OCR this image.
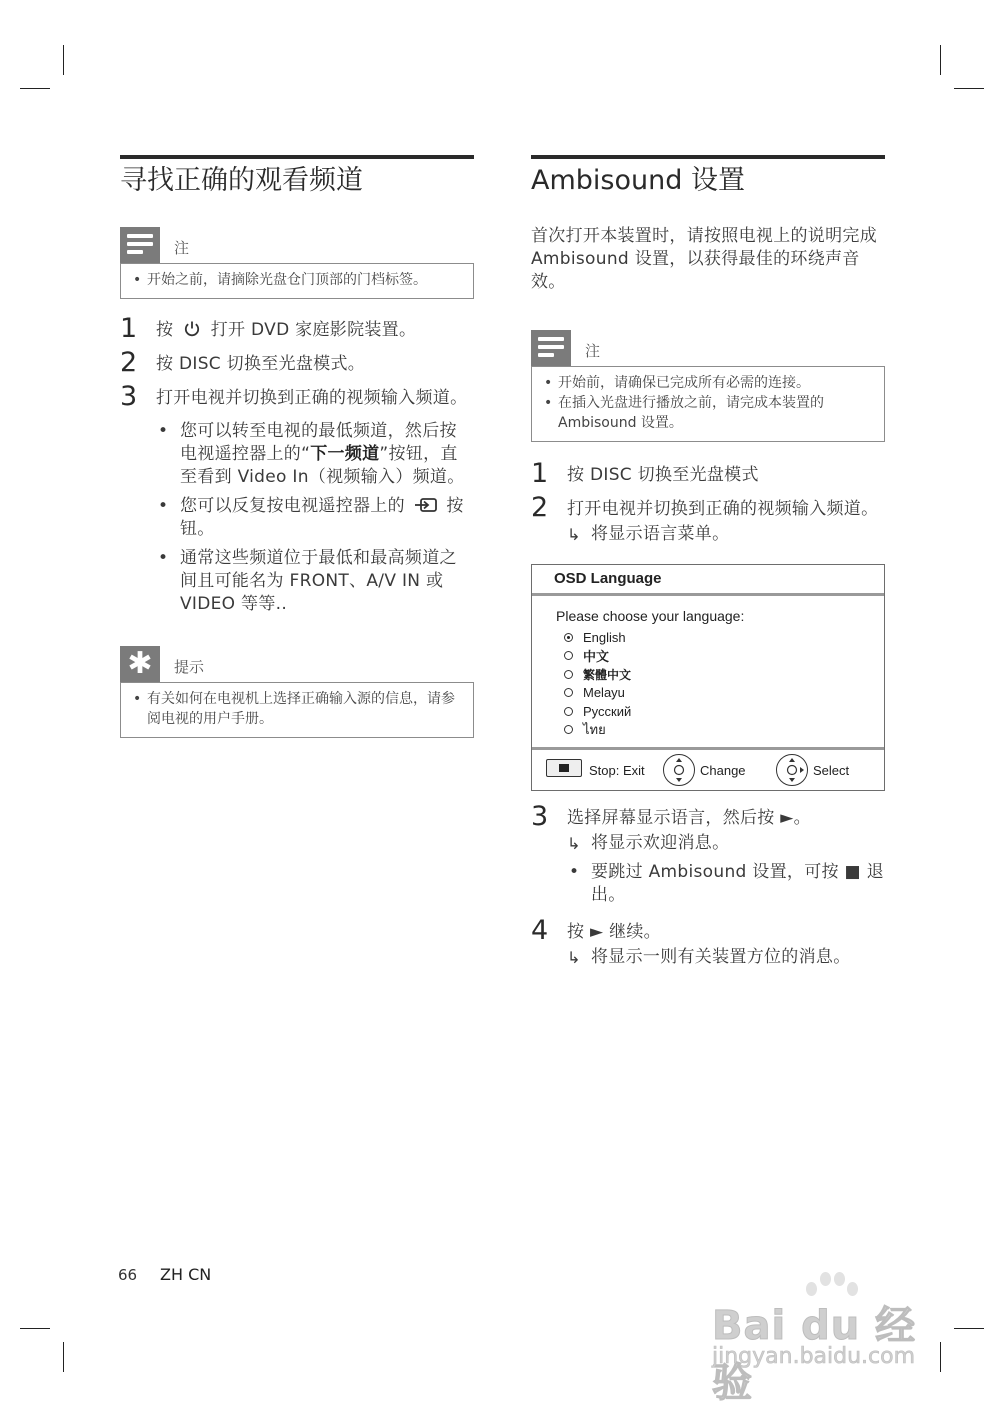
寻找正确的观看频道
注
• 开始之前，请摘除光盘仓门顶部的门档标签。
1 按 打开 DVD 家庭影院装置。
2 按 DISC 切换至光盘模式。
3 打开电视并切换到正确的视频输入频道。
• 您可以转至电视的最低频道，然后按电视遥控器上的“下一频道”按钮，直至看到 Video In（视频输入）频道。
• 您可以反复按电视遥控器上的 按钮。
• 通常这些频道位于最低和最高频道之间且可能名为 FRONT、A/V IN 或 VIDEO 等等..
✱	提示
• 有关如何在电视机上选择正确输入源的信息，请参阅电视的用户手册。
Ambisound 设置
首次打开本装置时，请按照电视上的说明完成 Ambisound 设置，以获得最佳的环绕声音效。
注
• 开始前，请确保已完成所有必需的连接。
• 在插入光盘进行播放之前，请完成本装置的 Ambisound 设置。
1 按 DISC 切换至光盘模式
2 打开电视并切换到正确的视频输入频道。
↳ 将显示语言菜单。
OSD Language
Please choose your language:
English
中文
繁體中文
Melayu
Русский
ไทย
Stop: Exit	Change	Select
3 选择屏幕显示语言，然后按 ►。
↳ 将显示欢迎消息。
• 要跳过 Ambisound 设置，可按 ■ 退出。
4 按 ► 继续。
↳ 将显示一则有关装置方位的消息。
66 ZH CN
Bai du 经验
jingyan.baidu.com
